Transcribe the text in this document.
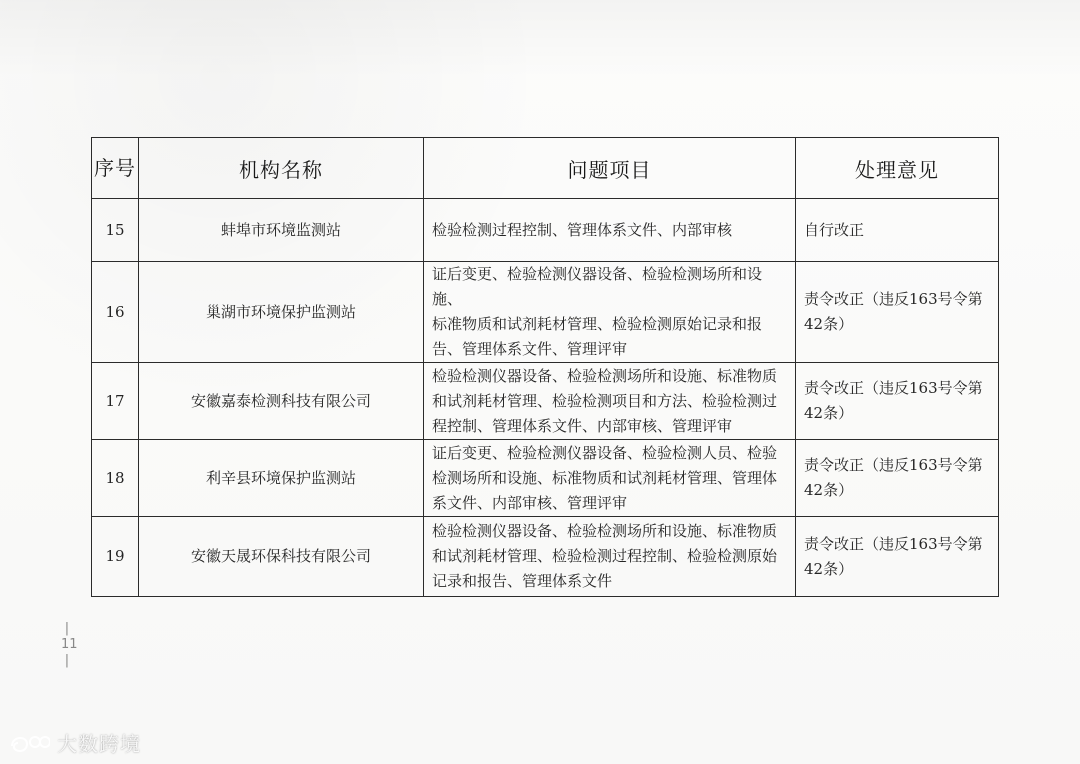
序号	机构名称	问题项目	处理意见
15	蚌埠市环境监测站	检验检测过程控制、管理体系文件、内部审核	自行改正
16	巢湖市环境保护监测站	证后变更、检验检测仪器设备、检验检测场所和设施、
标准物质和试剂耗材管理、检验检测原始记录和报
告、管理体系文件、管理评审	责令改正（违反163号令第
42条）
17	安徽嘉泰检测科技有限公司	检验检测仪器设备、检验检测场所和设施、标准物质
和试剂耗材管理、检验检测项目和方法、检验检测过
程控制、管理体系文件、内部审核、管理评审	责令改正（违反163号令第
42条）
18	利辛县环境保护监测站	证后变更、检验检测仪器设备、检验检测人员、检验
检测场所和设施、标准物质和试剂耗材管理、管理体
系文件、内部审核、管理评审	责令改正（违反163号令第
42条）
19	安徽天晟环保科技有限公司	检验检测仪器设备、检验检测场所和设施、标准物质
和试剂耗材管理、检验检测过程控制、检验检测原始
记录和报告、管理体系文件	责令改正（违反163号令第
42条）
|
11
|
大数跨境
